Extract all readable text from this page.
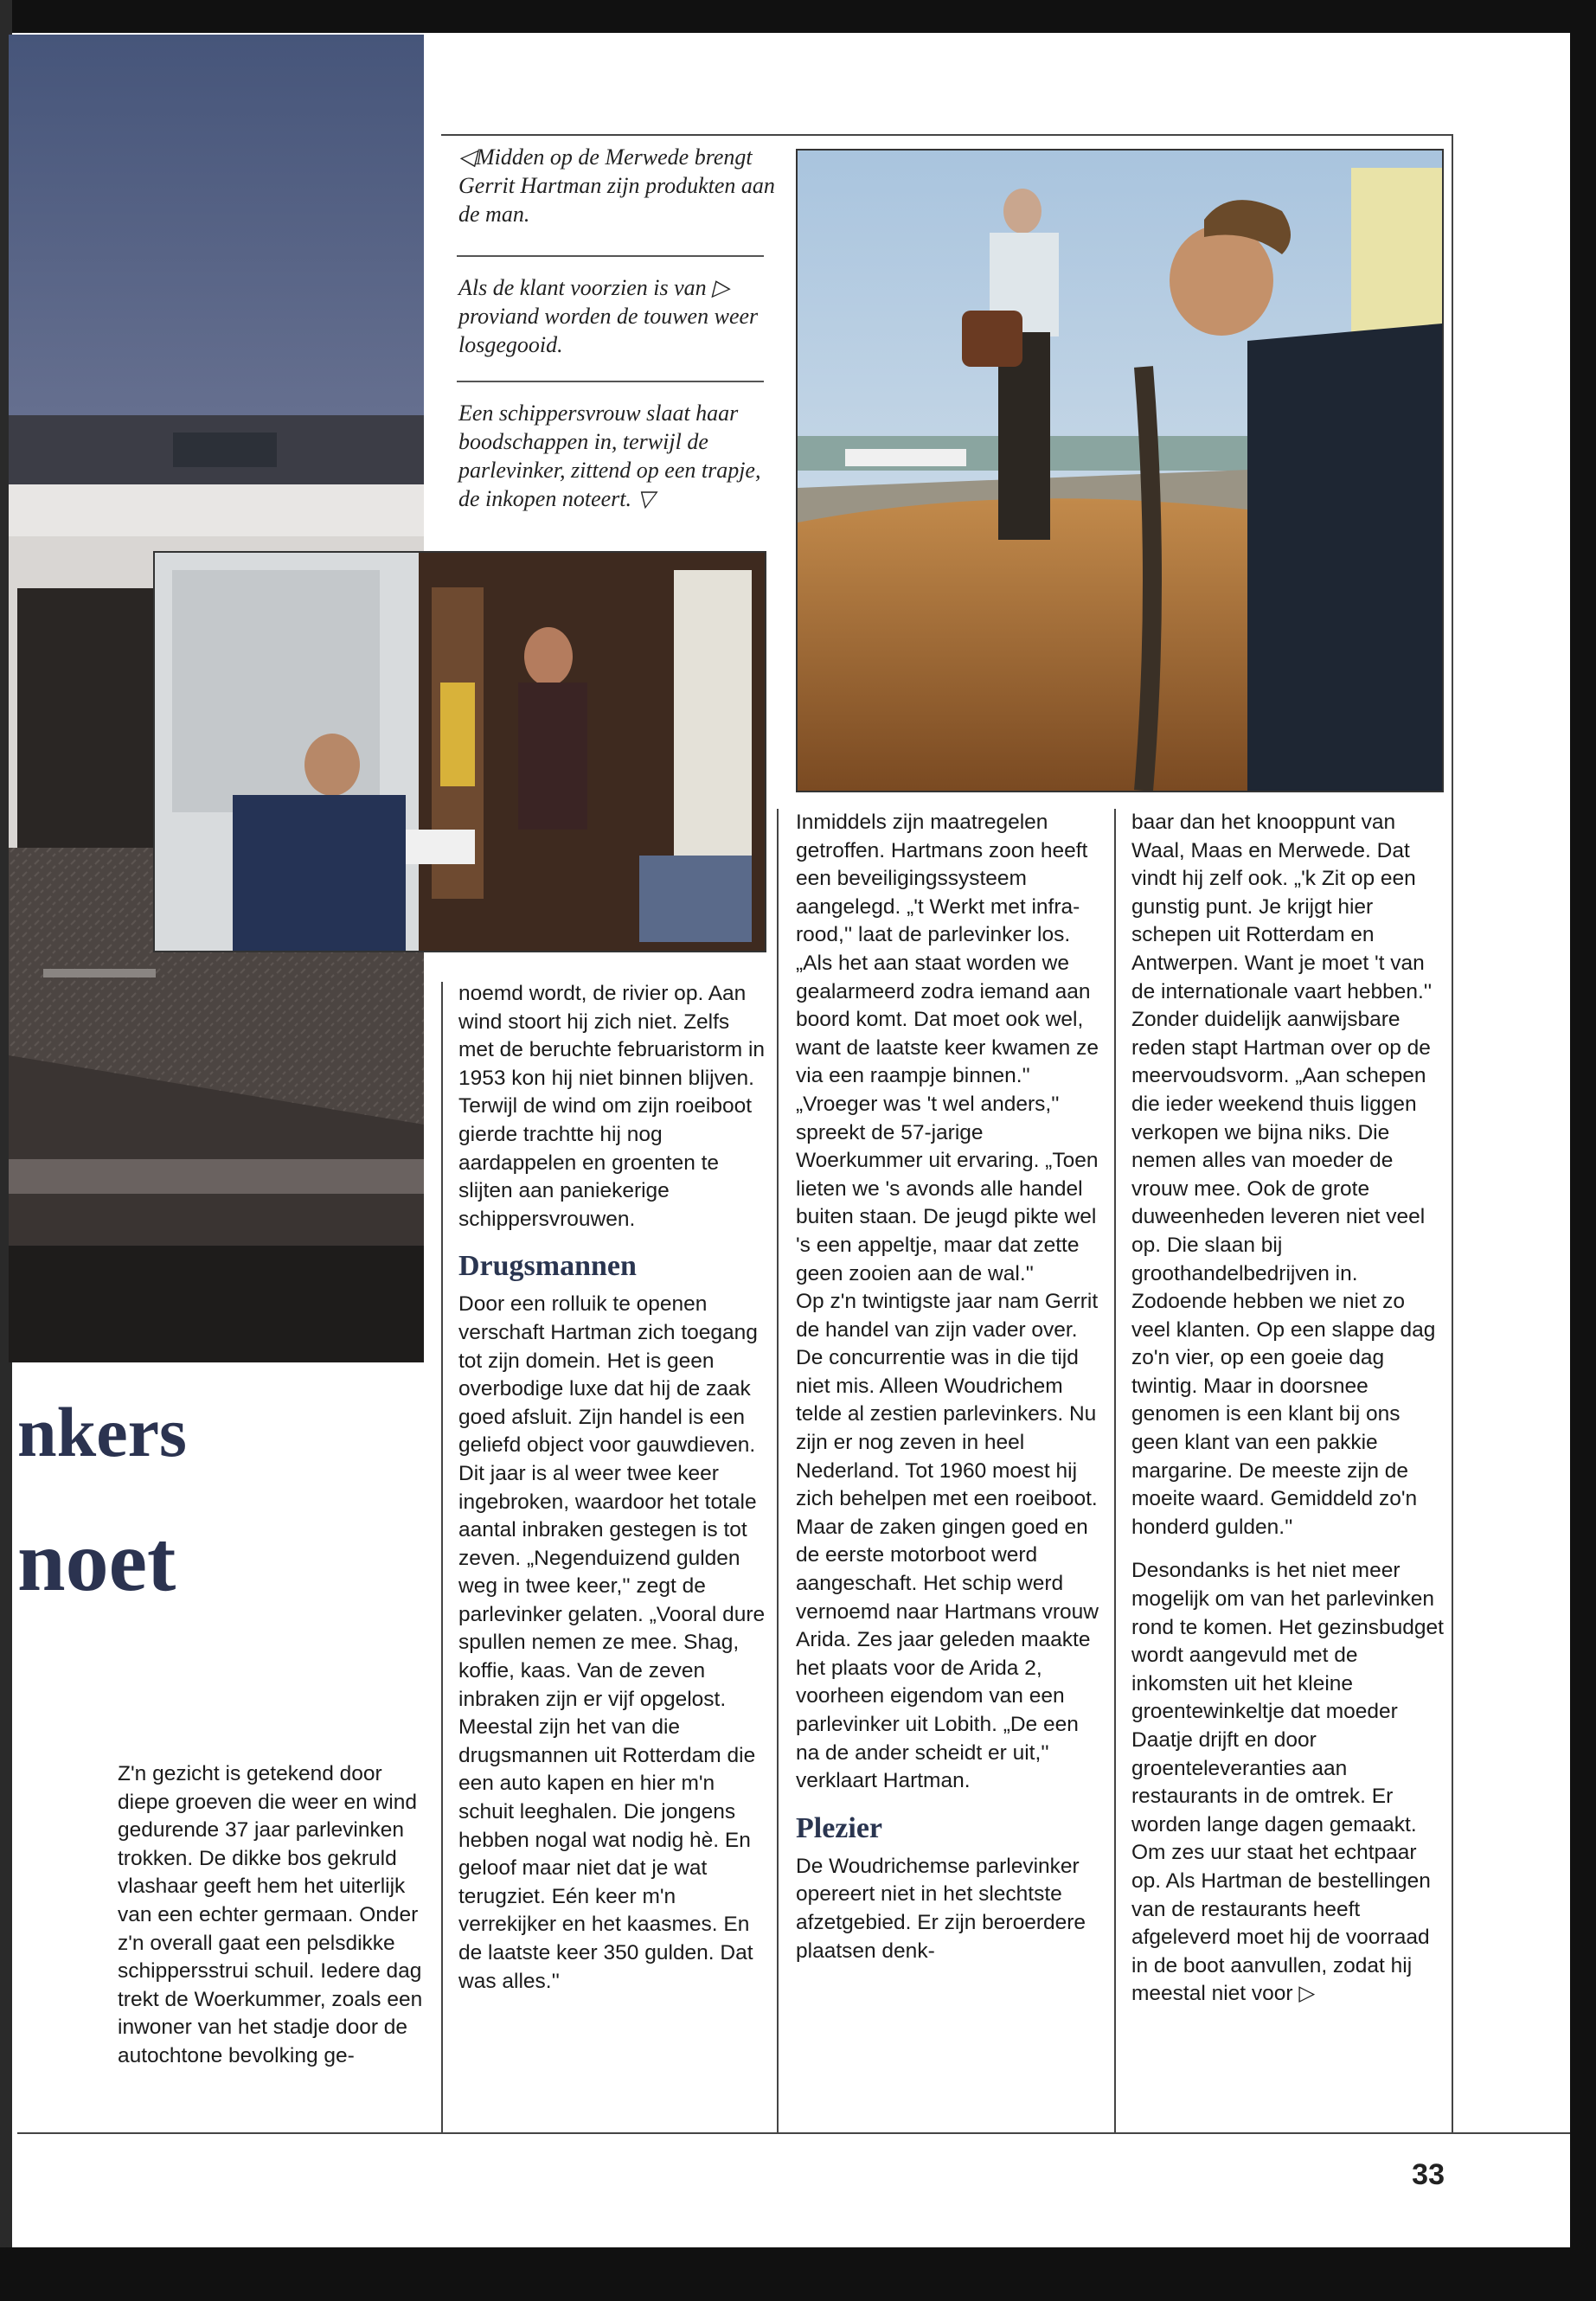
◁Midden op de Merwede brengt Gerrit Hartman zijn produkten aan de man.

Als de klant voorzien is van ▷ proviand worden de touwen weer losgegooid.

Een schippersvrouw slaat haar boodschappen in, terwijl de parlevinker, zittend op een trapje, de inkopen noteert. ▽

nkers

noet

Z'n gezicht is getekend door diepe groeven die weer en wind gedurende 37 jaar parlevinken trokken. De dikke bos gekruld vlashaar geeft hem het uiterlijk van een echter germaan. Onder z'n overall gaat een pelsdikke schippersstrui schuil. Iedere dag trekt de Woerkummer, zoals een inwoner van het stadje door de autochtone bevolking ge-

noemd wordt, de rivier op. Aan wind stoort hij zich niet. Zelfs met de beruchte februaristorm in 1953 kon hij niet binnen blijven. Terwijl de wind om zijn roeiboot gierde trachtte hij nog aardappelen en groenten te slijten aan paniekerige schippersvrouwen.

Drugsmannen

Door een rolluik te openen verschaft Hartman zich toegang tot zijn domein. Het is geen overbodige luxe dat hij de zaak goed afsluit. Zijn handel is een geliefd object voor gauwdieven. Dit jaar is al weer twee keer ingebroken, waardoor het totale aantal inbraken gestegen is tot zeven. „Negenduizend gulden weg in twee keer,'' zegt de parlevinker gelaten. „Vooral dure spullen nemen ze mee. Shag, koffie, kaas. Van de zeven inbraken zijn er vijf opgelost. Meestal zijn het van die drugsmannen uit Rotterdam die een auto kapen en hier m'n schuit leeghalen. Die jongens hebben nogal wat nodig hè. En geloof maar niet dat je wat terugziet. Eén keer m'n verrekijker en het kaasmes. En de laatste keer 350 gulden. Dat was alles.''

Inmiddels zijn maatregelen getroffen. Hartmans zoon heeft een beveiligingssysteem aangelegd. „'t Werkt met infra-rood,'' laat de parlevinker los.

„Als het aan staat worden we gealarmeerd zodra iemand aan boord komt. Dat moet ook wel, want de laatste keer kwamen ze via een raampje binnen.''

„Vroeger was 't wel anders,'' spreekt de 57-jarige Woerkummer uit ervaring. „Toen lieten we 's avonds alle handel buiten staan. De jeugd pikte wel 's een appeltje, maar dat zette geen zooien aan de wal.''

Op z'n twintigste jaar nam Gerrit de handel van zijn vader over. De concurrentie was in die tijd niet mis. Alleen Woudrichem telde al zestien parlevinkers. Nu zijn er nog zeven in heel Nederland. Tot 1960 moest hij zich behelpen met een roeiboot. Maar de zaken gingen goed en de eerste motorboot werd aangeschaft. Het schip werd vernoemd naar Hartmans vrouw Arida. Zes jaar geleden maakte het plaats voor de Arida 2, voorheen eigendom van een parlevinker uit Lobith. „De een na de ander scheidt er uit,'' verklaart Hartman.

Plezier

De Woudrichemse parlevinker opereert niet in het slechtste afzetgebied. Er zijn beroerdere plaatsen denk-

baar dan het knooppunt van Waal, Maas en Merwede. Dat vindt hij zelf ook. „'k Zit op een gunstig punt. Je krijgt hier schepen uit Rotterdam en Antwerpen. Want je moet 't van de internationale vaart hebben.'' Zonder duidelijk aanwijsbare reden stapt Hartman over op de meervoudsvorm. „Aan schepen die ieder weekend thuis liggen verkopen we bijna niks. Die nemen alles van moeder de vrouw mee. Ook de grote duweenheden leveren niet veel op. Die slaan bij groothandelbedrijven in. Zodoende hebben we niet zo veel klanten. Op een slappe dag zo'n vier, op een goeie dag twintig. Maar in doorsnee genomen is een klant bij ons geen klant van een pakkie margarine. De meeste zijn de moeite waard. Gemiddeld zo'n honderd gulden.''

Desondanks is het niet meer mogelijk om van het parlevinken rond te komen. Het gezinsbudget wordt aangevuld met de inkomsten uit het kleine groentewinkeltje dat moeder Daatje drijft en door groenteleveranties aan restaurants in de omtrek. Er worden lange dagen gemaakt. Om zes uur staat het echtpaar op. Als Hartman de bestellingen van de restaurants heeft afgeleverd moet hij de voorraad in de boot aanvullen, zodat hij meestal niet voor ▷

33
